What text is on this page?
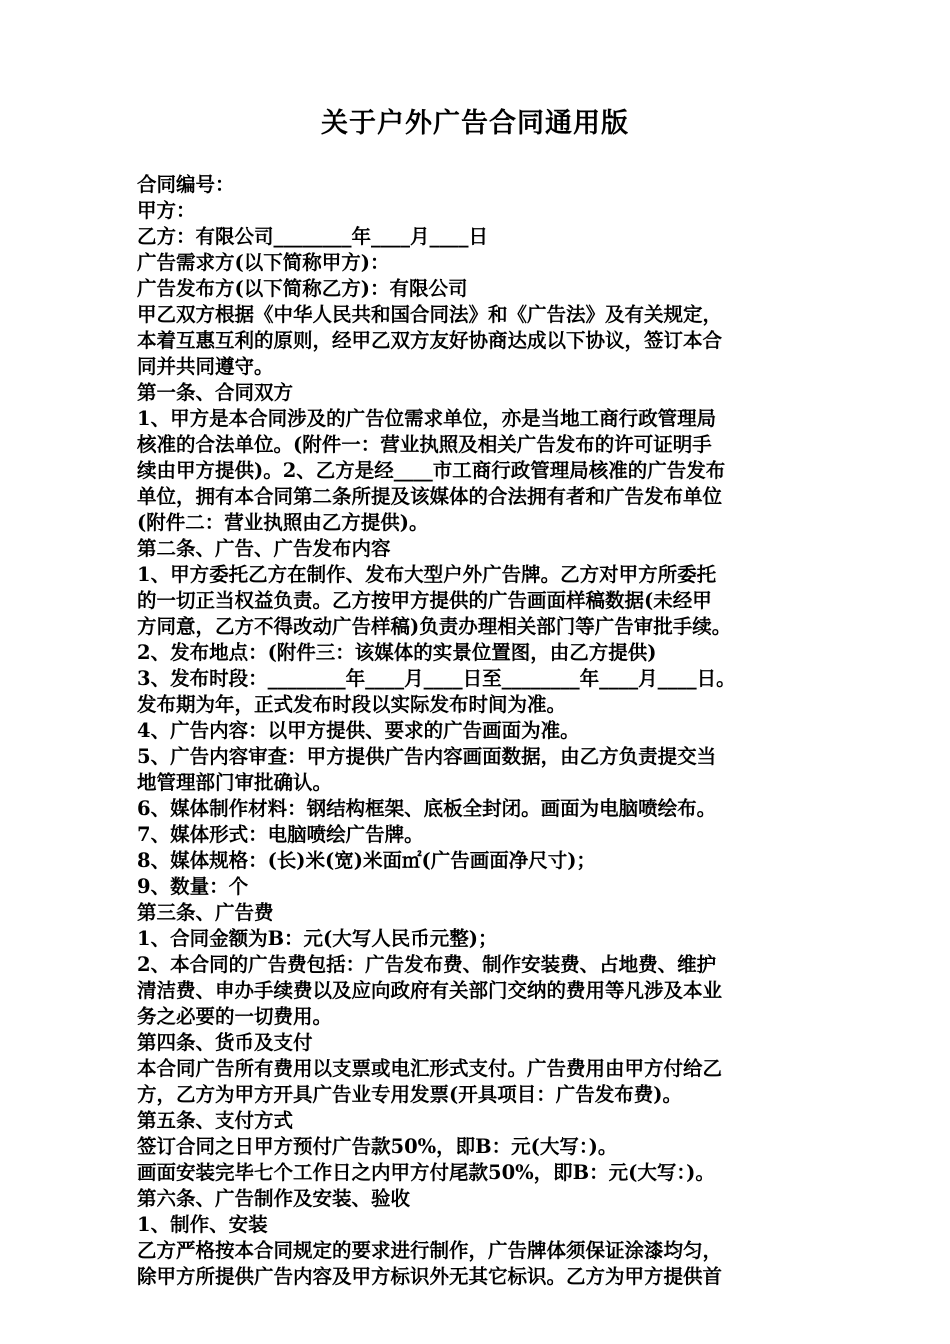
关于户外广告合同通用版
合同编号：
甲方：
乙方：有限公司________年____月____日
广告需求方(以下简称甲方)：
广告发布方(以下简称乙方)：有限公司
甲乙双方根据《中华人民共和国合同法》和《广告法》及有关规定，
本着互惠互利的原则，经甲乙双方友好协商达成以下协议，签订本合
同并共同遵守。
第一条、合同双方
1、甲方是本合同涉及的广告位需求单位，亦是当地工商行政管理局
核准的合法单位。(附件一：营业执照及相关广告发布的许可证明手
续由甲方提供)。2、乙方是经____市工商行政管理局核准的广告发布
单位，拥有本合同第二条所提及该媒体的合法拥有者和广告发布单位
(附件二：营业执照由乙方提供)。
第二条、广告、广告发布内容
1、甲方委托乙方在制作、发布大型户外广告牌。乙方对甲方所委托
的一切正当权益负责。乙方按甲方提供的广告画面样稿数据(未经甲
方同意，乙方不得改动广告样稿)负责办理相关部门等广告审批手续。
2、发布地点：(附件三：该媒体的实景位置图，由乙方提供)
3、发布时段：________年____月____日至________年____月____日。
发布期为年，正式发布时段以实际发布时间为准。
4、广告内容：以甲方提供、要求的广告画面为准。
5、广告内容审查：甲方提供广告内容画面数据，由乙方负责提交当
地管理部门审批确认。
6、媒体制作材料：钢结构框架、底板全封闭。画面为电脑喷绘布。
7、媒体形式：电脑喷绘广告牌。
8、媒体规格：(长)米(宽)米面㎡(广告画面净尺寸)；
9、数量：个
第三条、广告费
1、合同金额为B：元(大写人民币元整)；
2、本合同的广告费包括：广告发布费、制作安装费、占地费、维护
清洁费、申办手续费以及应向政府有关部门交纳的费用等凡涉及本业
务之必要的一切费用。
第四条、货币及支付
本合同广告所有费用以支票或电汇形式支付。广告费用由甲方付给乙
方，乙方为甲方开具广告业专用发票(开具项目：广告发布费)。
第五条、支付方式
签订合同之日甲方预付广告款50%，即B：元(大写：)。
画面安装完毕七个工作日之内甲方付尾款50%，即B：元(大写：)。
第六条、广告制作及安装、验收
1、制作、安装
乙方严格按本合同规定的要求进行制作，广告牌体须保证涂漆均匀，
除甲方所提供广告内容及甲方标识外无其它标识。乙方为甲方提供首
